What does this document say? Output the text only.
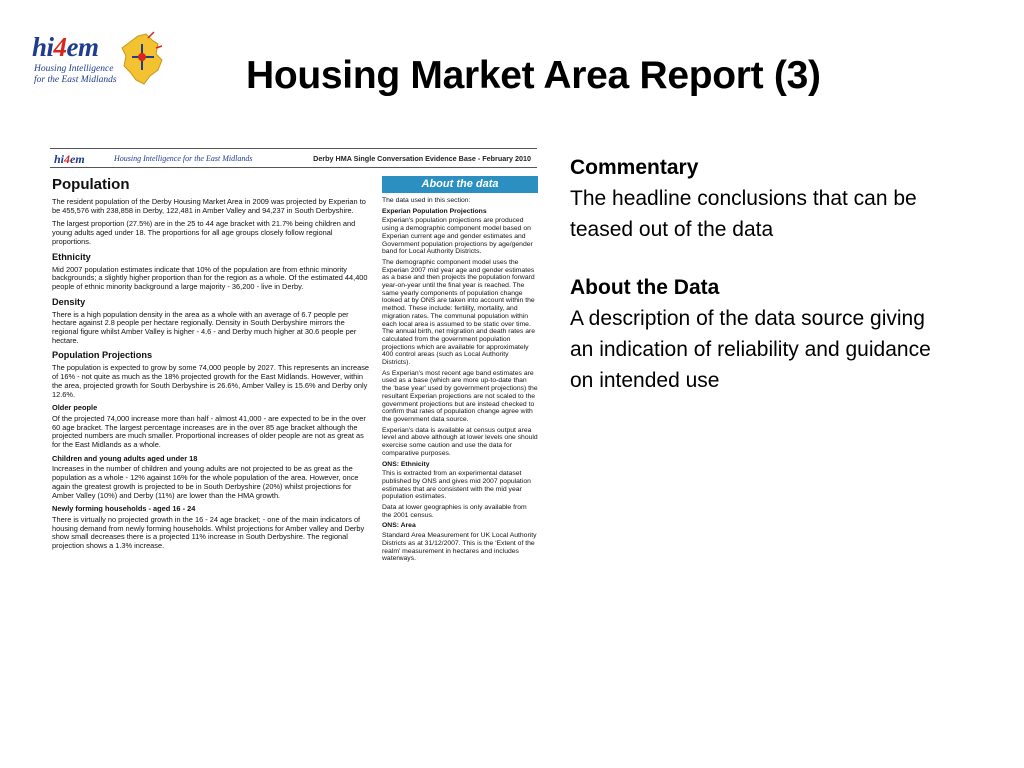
hi4em
Housing Intelligence
for the East Midlands	Housing Market Area Report (3)
hi4em	Housing Intelligence for the East Midlands	Derby HMA Single Conversation Evidence Base - February 2010
Population

The resident population of the Derby Housing Market Area in 2009 was projected by Experian to be 455,576 with 238,858 in Derby, 122,481 in Amber Valley and 94,237 in South Derbyshire.

The largest proportion (27.5%) are in the 25 to 44 age bracket with 21.7% being children and young adults aged under 18. The proportions for all age groups closely follow regional proportions.

Ethnicity

Mid 2007 population estimates indicate that 10% of the population are from ethnic minority backgrounds; a slightly higher proportion than for the region as a whole. Of the estimated 44,400 people of ethnic minority background a large majority - 36,200 - live in Derby.

Density

There is a high population density in the area as a whole with an average of 6.7 people per hectare against 2.8 people per hectare regionally. Density in South Derbyshire mirrors the regional figure whilst Amber Valley is higher - 4.6 - and Derby much higher at 30.6 people per hectare.

Population Projections

The population is expected to grow by some 74,000 people by 2027. This represents an increase of 16% - not quite as much as the 18% projected growth for the East Midlands. However, within the area, projected growth for South Derbyshire is 26.6%, Amber Valley is 15.6% and Derby only 12.6%.

Older people

Of the projected 74,000 increase more than half - almost 41,000 - are expected to be in the over 60 age bracket. The largest percentage increases are in the over 85 age bracket although the projected numbers are much smaller. Proportional increases of older people are not as great as for the East Midlands as a whole.

Children and young adults aged under 18

Increases in the number of children and young adults are not projected to be as great as the population as a whole - 12% against 16% for the whole population of the area. However, once again the greatest growth is projected to be in South Derbyshire (20%) whilst projections for Amber Valley (10%) and Derby (11%) are lower than the HMA growth.

Newly forming households - aged 16 - 24

There is virtually no projected growth in the 16 - 24 age bracket; - one of the main indicators of housing demand from newly forming households. Whilst projections for Amber valley and Derby show small decreases there is a projected 11% increase in South Derbyshire. The regional projection shows a 1.3% increase.

About the data

The data used in this section:

Experian Population Projections

Experian's population projections are produced using a demographic component model based on Experian current age and gender estimates and Government population projections by age/gender band for Local Authority Districts.

The demographic component model uses the Experian 2007 mid year age and gender estimates as a base and then projects the population forward year-on-year until the final year is reached. The same yearly components of population change looked at by ONS are taken into account within the method. These include: fertility, mortality, and migration rates. The communal population within each local area is assumed to be static over time. The annual birth, net migration and death rates are calculated from the government population projections which are available for approximately 400 control areas (such as Local Authority Districts).

As Experian's most recent age band estimates are used as a base (which are more up-to-date than the 'base year' used by government projections) the resultant Experian projections are not scaled to the government projections but are instead checked to confirm that rates of population change agree with the government data source.

Experian's data is available at census output area level and above although at lower levels one should exercise some caution and use the data for comparative purposes.

ONS: Ethnicity

This is extracted from an experimental dataset published by ONS and gives mid 2007 population estimates that are consistent with the mid year population estimates.

Data at lower geographies is only available from the 2001 census.

ONS: Area

Standard Area Measurement for UK Local Authority Districts as at 31/12/2007. This is the 'Extent of the realm' measurement in hectares and includes waterways.

Commentary
The headline conclusions that can be teased out of the data
About the Data
A description of the data source giving an indication of reliability and guidance on intended use
